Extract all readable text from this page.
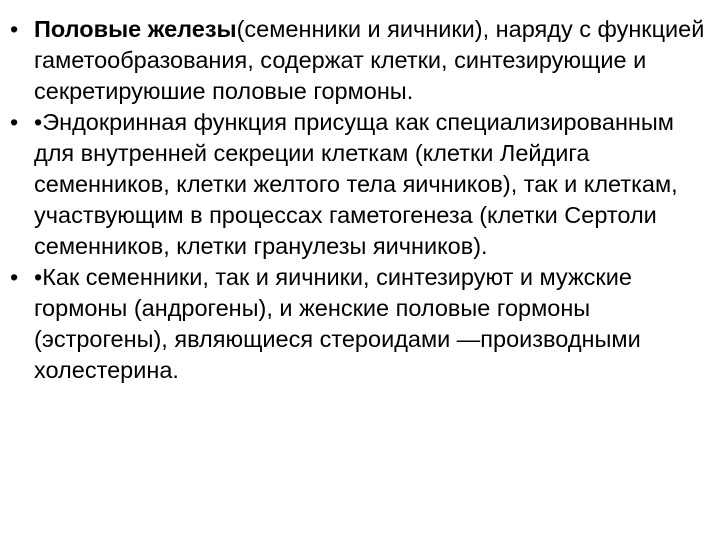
• Половые железы(семенники и яичники), наряду с функцией гаметообразования, содержат клетки, синтезирующие и секретируюшие половые гормоны.
• •Эндокринная функция присуща как специализированным для внутренней секреции клеткам (клетки Лейдига семенников, клетки желтого тела яичников), так и клеткам, участвующим в процессах гаметогенеза (клетки Сертоли семенников, клетки гранулезы яичников).
• •Как семенники, так и яичники, синтезируют и мужские гормоны (андрогены), и женские половые гормоны (эстрогены), являющиеся стероидами —производными холестерина.
